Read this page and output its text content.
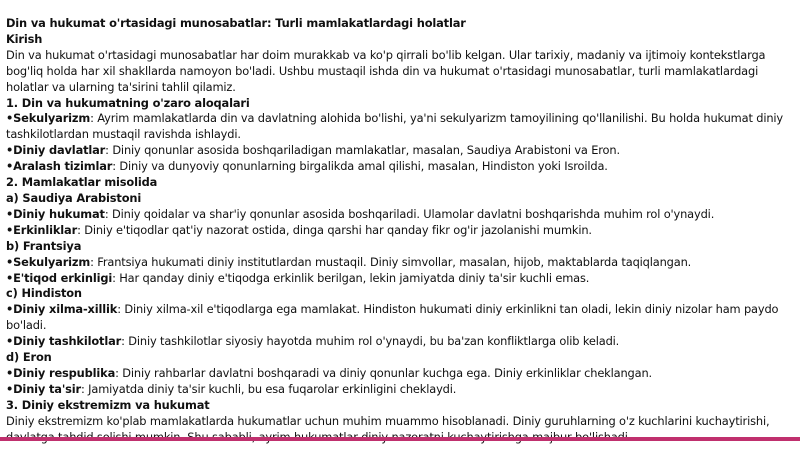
Din va hukumat o'rtasidagi munosabatlar: Turli mamlakatlardagi holatlar
Kirish
Din va hukumat o'rtasidagi munosabatlar har doim murakkab va ko'p qirrali bo'lib kelgan. Ular tarixiy, madaniy va ijtimoiy kontekstlarga bog'liq holda har xil shakllarda namoyon bo'ladi. Ushbu mustaqil ishda din va hukumat o'rtasidagi munosabatlar, turli mamlakatlardagi holatlar va ularning ta'sirini tahlil qilamiz.
1. Din va hukumatning o'zaro aloqalari
•Sekulyarizm: Ayrim mamlakatlarda din va davlatning alohida bo'lishi, ya'ni sekulyarizm tamoyilining qo'llanilishi. Bu holda hukumat diniy tashkilotlardan mustaqil ravishda ishlaydi.
•Diniy davlatlar: Diniy qonunlar asosida boshqariladigan mamlakatlar, masalan, Saudiya Arabistoni va Eron.
•Aralash tizimlar: Diniy va dunyoviy qonunlarning birgalikda amal qilishi, masalan, Hindiston yoki Isroilda.
2. Mamlakatlar misolida
a) Saudiya Arabistoni
•Diniy hukumat: Diniy qoidalar va shar'iy qonunlar asosida boshqariladi. Ulamolar davlatni boshqarishda muhim rol o'ynaydi.
•Erkinliklar: Diniy e'tiqodlar qat'iy nazorat ostida, dinga qarshi har qanday fikr og'ir jazolanishi mumkin.
b) Frantsiya
•Sekulyarizm: Frantsiya hukumati diniy institutlardan mustaqil. Diniy simvollar, masalan, hijob, maktablarda taqiqlangan.
•E'tiqod erkinligi: Har qanday diniy e'tiqodga erkinlik berilgan, lekin jamiyatda diniy ta'sir kuchli emas.
c) Hindiston
•Diniy xilma-xillik: Diniy xilma-xil e'tiqodlarga ega mamlakat. Hindiston hukumati diniy erkinlikni tan oladi, lekin diniy nizolar ham paydo bo'ladi.
•Diniy tashkilotlar: Diniy tashkilotlar siyosiy hayotda muhim rol o'ynaydi, bu ba'zan konfliktlarga olib keladi.
d) Eron
•Diniy respublika: Diniy rahbarlar davlatni boshqaradi va diniy qonunlar kuchga ega. Diniy erkinliklar cheklangan.
•Diniy ta'sir: Jamiyatda diniy ta'sir kuchli, bu esa fuqarolar erkinligini cheklaydi.
3. Diniy ekstremizm va hukumat
Diniy ekstremizm ko'plab mamlakatlarda hukumatlar uchun muhim muammo hisoblanadi. Diniy guruhlarning o'z kuchlarini kuchaytirishi,
